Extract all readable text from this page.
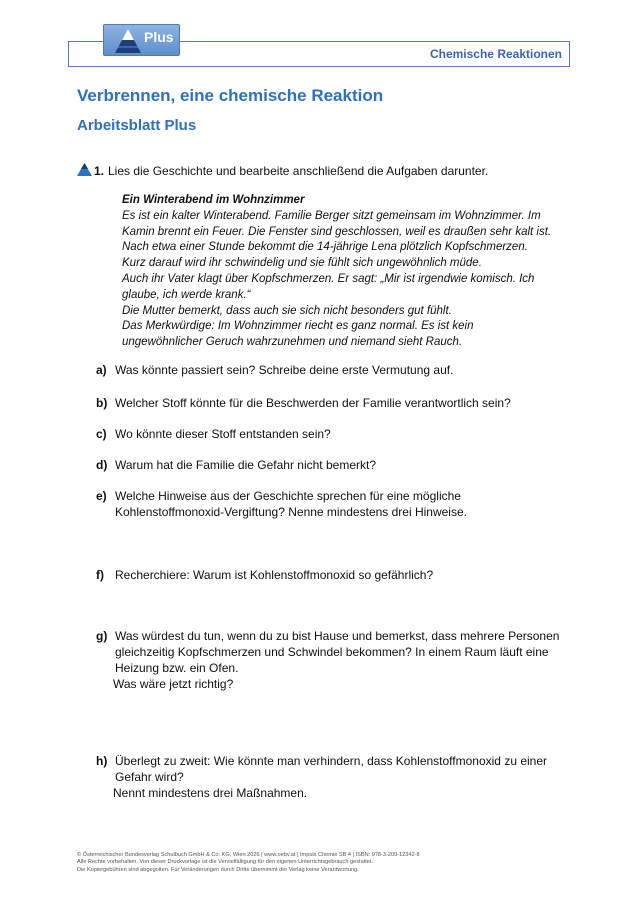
Chemische Reaktionen
Plus
Verbrennen, eine chemische Reaktion
Arbeitsblatt Plus
1. Lies die Geschichte und bearbeite anschließend die Aufgaben darunter.
Ein Winterabend im Wohnzimmer
Es ist ein kalter Winterabend. Familie Berger sitzt gemeinsam im Wohnzimmer. Im
Kamin brennt ein Feuer. Die Fenster sind geschlossen, weil es draußen sehr kalt ist.
Nach etwa einer Stunde bekommt die 14-jährige Lena plötzlich Kopfschmerzen.
Kurz darauf wird ihr schwindelig und sie fühlt sich ungewöhnlich müde.
Auch ihr Vater klagt über Kopfschmerzen. Er sagt: „Mir ist irgendwie komisch. Ich
glaube, ich werde krank.“
Die Mutter bemerkt, dass auch sie sich nicht besonders gut fühlt.
Das Merkwürdige: Im Wohnzimmer riecht es ganz normal. Es ist kein
ungewöhnlicher Geruch wahrzunehmen und niemand sieht Rauch.
a) Was könnte passiert sein? Schreibe deine erste Vermutung auf.
b) Welcher Stoff könnte für die Beschwerden der Familie verantwortlich sein?
c) Wo könnte dieser Stoff entstanden sein?
d) Warum hat die Familie die Gefahr nicht bemerkt?
e) Welche Hinweise aus der Geschichte sprechen für eine mögliche
Kohlenstoffmonoxid-Vergiftung? Nenne mindestens drei Hinweise.
f) Recherchiere: Warum ist Kohlenstoffmonoxid so gefährlich?
g) Was würdest du tun, wenn du zu bist Hause und bemerkst, dass mehrere Personen
gleichzeitig Kopfschmerzen und Schwindel bekommen? In einem Raum läuft eine
Heizung bzw. ein Ofen.
Was wäre jetzt richtig?
h) Überlegt zu zweit: Wie könnte man verhindern, dass Kohlenstoffmonoxid zu einer
Gefahr wird?
Nennt mindestens drei Maßnahmen.
© Österreichischer Bundesverlag Schulbuch GmbH & Co. KG, Wien 2026 | www.oebv.at | Impuls Chemie SB 4 | ISBN: 978-3-209-12342-8
Alle Rechte vorbehalten. Von dieser Druckvorlage ist die Vervielfältigung für den eigenen Unterrichtsgebrauch gestattet.
Die Kopiergebühren sind abgegolten. Für Veränderungen durch Dritte übernimmt der Verlag keine Verantwortung.
